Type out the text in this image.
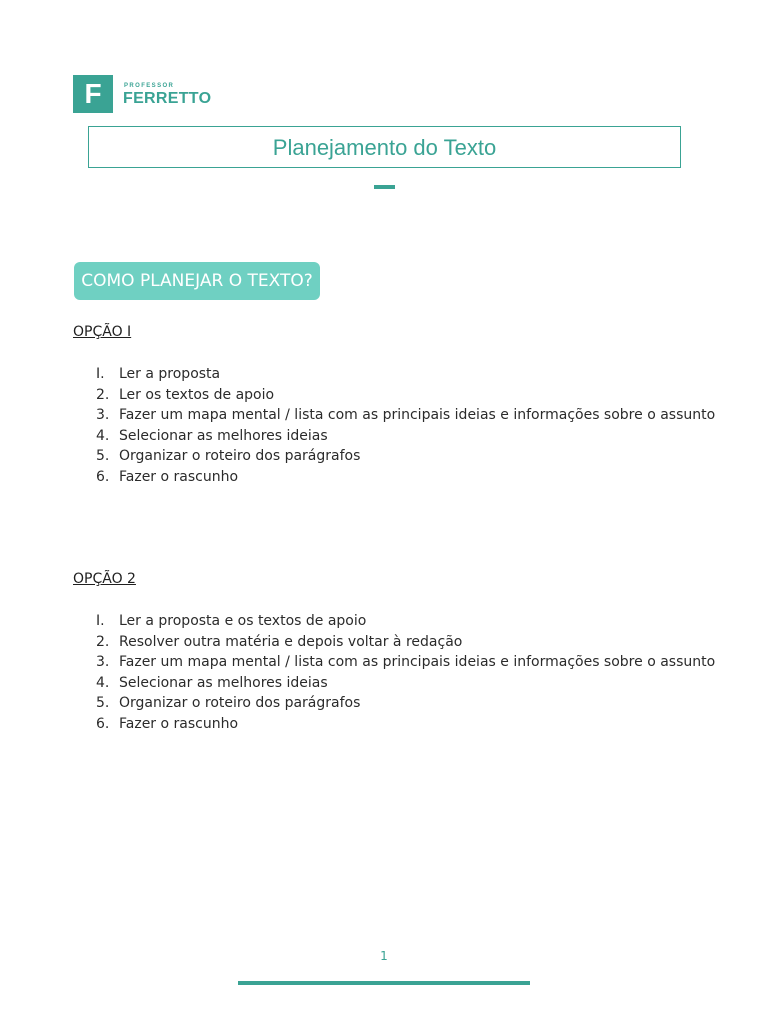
F	PROFESSOR
FERRETTO
Planejamento do Texto
COMO PLANEJAR O TEXTO?
OPÇÃO I
I. Ler a proposta
2. Ler os textos de apoio
3. Fazer um mapa mental / lista com as principais ideias e informações sobre o assunto
4. Selecionar as melhores ideias
5. Organizar o roteiro dos parágrafos
6. Fazer o rascunho
OPÇÃO 2
I. Ler a proposta e os textos de apoio
2. Resolver outra matéria e depois voltar à redação
3. Fazer um mapa mental / lista com as principais ideias e informações sobre o assunto
4. Selecionar as melhores ideias
5. Organizar o roteiro dos parágrafos
6. Fazer o rascunho
1
